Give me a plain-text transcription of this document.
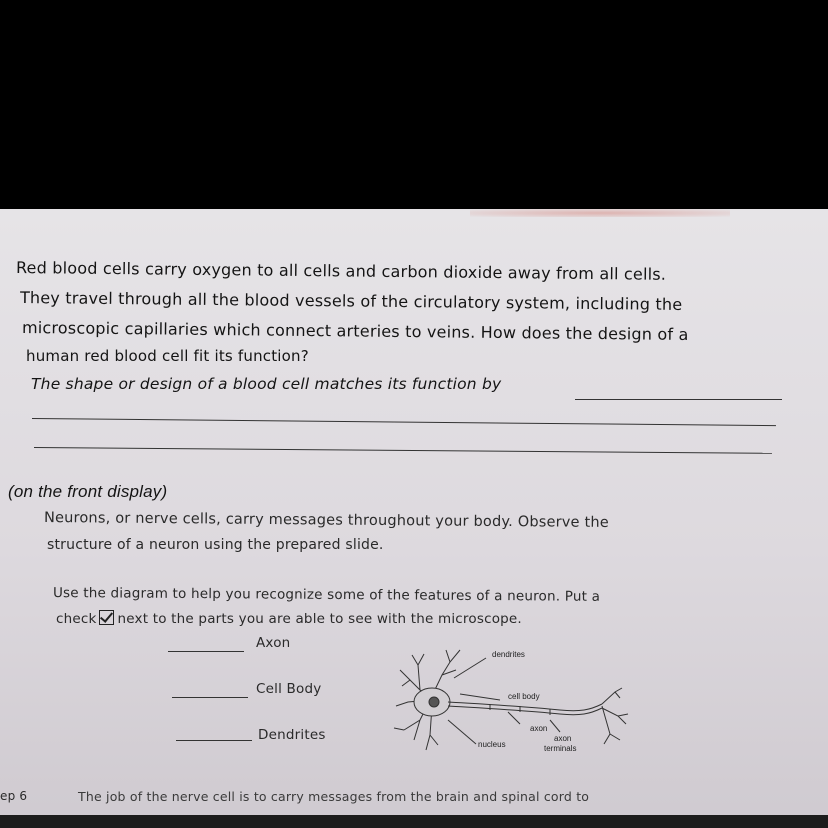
Red blood cells carry oxygen to all cells and carbon dioxide away from all cells.
They travel through all the blood vessels of the circulatory system, including the
microscopic capillaries which connect arteries to veins. How does the design of a
human red blood cell fit its function?
The shape or design of a blood cell matches its function by
(on the front display)
Neurons, or nerve cells, carry messages throughout your body. Observe the
structure of a neuron using the prepared slide.
Use the diagram to help you recognize some of the features of a neuron. Put a
check next to the parts you are able to see with the microscope.
Axon
Cell Body
Dendrites
dendrites
cell body
axon
nucleus
axon
terminals
ep 6	The job of the nerve cell is to carry messages from the brain and spinal cord to
